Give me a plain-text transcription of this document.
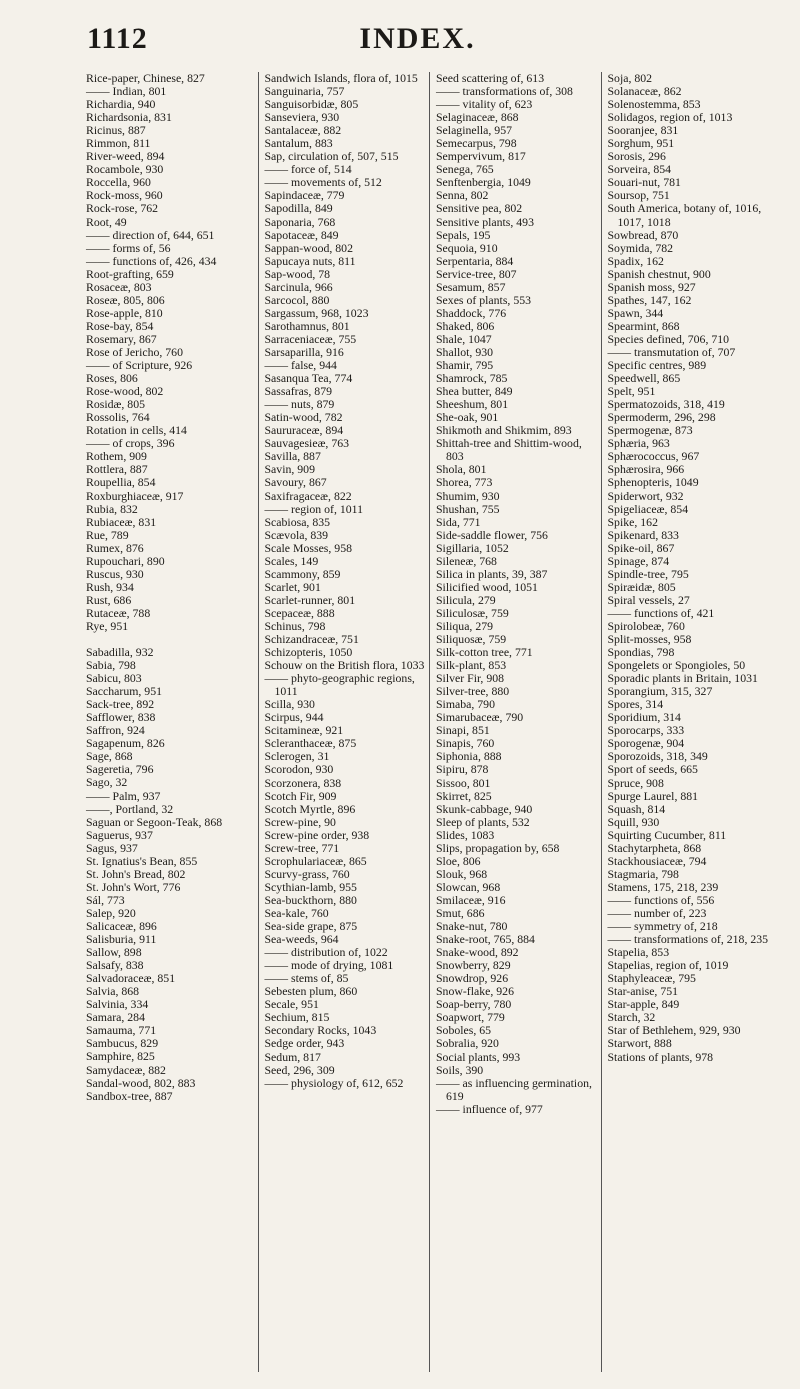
1112	INDEX.
Rice-paper, Chinese, 827
—— Indian, 801
Richardia, 940
Richardsonia, 831
Ricinus, 887
Rimmon, 811
River-weed, 894
Rocambole, 930
Roccella, 960
Rock-moss, 960
Rock-rose, 762
Root, 49
—— direction of, 644, 651
—— forms of, 56
—— functions of, 426, 434
Root-grafting, 659
Rosaceæ, 803
Roseæ, 805, 806
Rose-apple, 810
Rose-bay, 854
Rosemary, 867
Rose of Jericho, 760
—— of Scripture, 926
Roses, 806
Rose-wood, 802
Rosidæ, 805
Rossolis, 764
Rotation in cells, 414
—— of crops, 396
Rothem, 909
Rottlera, 887
Roupellia, 854
Roxburghiaceæ, 917
Rubia, 832
Rubiaceæ, 831
Rue, 789
Rumex, 876
Rupouchari, 890
Ruscus, 930
Rush, 934
Rust, 686
Rutaceæ, 788
Rye, 951
Sabadilla, 932
Sabia, 798
Sabicu, 803
Saccharum, 951
Sack-tree, 892
Safflower, 838
Saffron, 924
Sagapenum, 826
Sage, 868
Sageretia, 796
Sago, 32
—— Palm, 937
——, Portland, 32
Saguan or Segoon-Teak, 868
Saguerus, 937
Sagus, 937
St. Ignatius's Bean, 855
St. John's Bread, 802
St. John's Wort, 776
Sál, 773
Salep, 920
Salicaceæ, 896
Salisburia, 911
Sallow, 898
Salsafy, 838
Salvadoraceæ, 851
Salvia, 868
Salvinia, 334
Samara, 284
Samauma, 771
Sambucus, 829
Samphire, 825
Samydaceæ, 882
Sandal-wood, 802, 883
Sandbox-tree, 887
Sandwich Islands, flora of, 1015
Sanguinaria, 757
Sanguisorbidæ, 805
Sanseviera, 930
Santalaceæ, 882
Santalum, 883
Sap, circulation of, 507, 515
—— force of, 514
—— movements of, 512
Sapindaceæ, 779
Sapodilla, 849
Saponaria, 768
Sapotaceæ, 849
Sappan-wood, 802
Sapucaya nuts, 811
Sap-wood, 78
Sarcinula, 966
Sarcocol, 880
Sargassum, 968, 1023
Sarothamnus, 801
Sarraceniaceæ, 755
Sarsaparilla, 916
—— false, 944
Sasanqua Tea, 774
Sassafras, 879
—— nuts, 879
Satin-wood, 782
Saururaceæ, 894
Sauvagesieæ, 763
Savilla, 887
Savin, 909
Savoury, 867
Saxifragaceæ, 822
—— region of, 1011
Scabiosa, 835
Scævola, 839
Scale Mosses, 958
Scales, 149
Scammony, 859
Scarlet, 901
Scarlet-runner, 801
Scepaceæ, 888
Schinus, 798
Schizandraceæ, 751
Schizopteris, 1050
Schouw on the British flora, 1033
—— phyto-geographic regions, 1011
Scilla, 930
Scirpus, 944
Scitamineæ, 921
Scleranthaceæ, 875
Sclerogen, 31
Scorodon, 930
Scorzonera, 838
Scotch Fir, 909
Scotch Myrtle, 896
Screw-pine, 90
Screw-pine order, 938
Screw-tree, 771
Scrophulariaceæ, 865
Scurvy-grass, 760
Scythian-lamb, 955
Sea-buckthorn, 880
Sea-kale, 760
Sea-side grape, 875
Sea-weeds, 964
—— distribution of, 1022
—— mode of drying, 1081
—— stems of, 85
Sebesten plum, 860
Secale, 951
Sechium, 815
Secondary Rocks, 1043
Sedge order, 943
Sedum, 817
Seed, 296, 309
—— physiology of, 612, 652
Seed scattering of, 613
—— transformations of, 308
—— vitality of, 623
Selaginaceæ, 868
Selaginella, 957
Semecarpus, 798
Sempervivum, 817
Senega, 765
Senftenbergia, 1049
Senna, 802
Sensitive pea, 802
Sensitive plants, 493
Sepals, 195
Sequoia, 910
Serpentaria, 884
Service-tree, 807
Sesamum, 857
Sexes of plants, 553
Shaddock, 776
Shaked, 806
Shale, 1047
Shallot, 930
Shamir, 795
Shamrock, 785
Shea butter, 849
Sheeshum, 801
She-oak, 901
Shikmoth and Shikmim, 893
Shittah-tree and Shittim-wood, 803
Shola, 801
Shorea, 773
Shumim, 930
Shushan, 755
Sida, 771
Side-saddle flower, 756
Sigillaria, 1052
Sileneæ, 768
Silica in plants, 39, 387
Silicified wood, 1051
Silicula, 279
Siliculosæ, 759
Siliqua, 279
Siliquosæ, 759
Silk-cotton tree, 771
Silk-plant, 853
Silver Fir, 908
Silver-tree, 880
Simaba, 790
Simarubaceæ, 790
Sinapi, 851
Sinapis, 760
Siphonia, 888
Sipiru, 878
Sissoo, 801
Skirret, 825
Skunk-cabbage, 940
Sleep of plants, 532
Slides, 1083
Slips, propagation by, 658
Sloe, 806
Slouk, 968
Slowcan, 968
Smilaceæ, 916
Smut, 686
Snake-nut, 780
Snake-root, 765, 884
Snake-wood, 892
Snowberry, 829
Snowdrop, 926
Snow-flake, 926
Soap-berry, 780
Soapwort, 779
Soboles, 65
Sobralia, 920
Social plants, 993
Soils, 390
—— as influencing germination, 619
—— influence of, 977
Soja, 802
Solanaceæ, 862
Solenostemma, 853
Solidagos, region of, 1013
Sooranjee, 831
Sorghum, 951
Sorosis, 296
Sorveira, 854
Souari-nut, 781
Soursop, 751
South America, botany of, 1016, 1017, 1018
Sowbread, 870
Soymida, 782
Spadix, 162
Spanish chestnut, 900
Spanish moss, 927
Spathes, 147, 162
Spawn, 344
Spearmint, 868
Species defined, 706, 710
—— transmutation of, 707
Specific centres, 989
Speedwell, 865
Spelt, 951
Spermatozoids, 318, 419
Spermoderm, 296, 298
Spermogenæ, 873
Sphæria, 963
Sphærococcus, 967
Sphærosira, 966
Sphenopteris, 1049
Spiderwort, 932
Spigeliaceæ, 854
Spike, 162
Spikenard, 833
Spike-oil, 867
Spinage, 874
Spindle-tree, 795
Spiræidæ, 805
Spiral vessels, 27
—— functions of, 421
Spirolobeæ, 760
Split-mosses, 958
Spondias, 798
Spongelets or Spongioles, 50
Sporadic plants in Britain, 1031
Sporangium, 315, 327
Spores, 314
Sporidium, 314
Sporocarps, 333
Sporogenæ, 904
Sporozoids, 318, 349
Sport of seeds, 665
Spruce, 908
Spurge Laurel, 881
Squash, 814
Squill, 930
Squirting Cucumber, 811
Stachytarpheta, 868
Stackhousiaceæ, 794
Stagmaria, 798
Stamens, 175, 218, 239
—— functions of, 556
—— number of, 223
—— symmetry of, 218
—— transformations of, 218, 235
Stapelia, 853
Stapelias, region of, 1019
Staphyleaceæ, 795
Star-anise, 751
Star-apple, 849
Starch, 32
Star of Bethlehem, 929, 930
Starwort, 888
Stations of plants, 978
